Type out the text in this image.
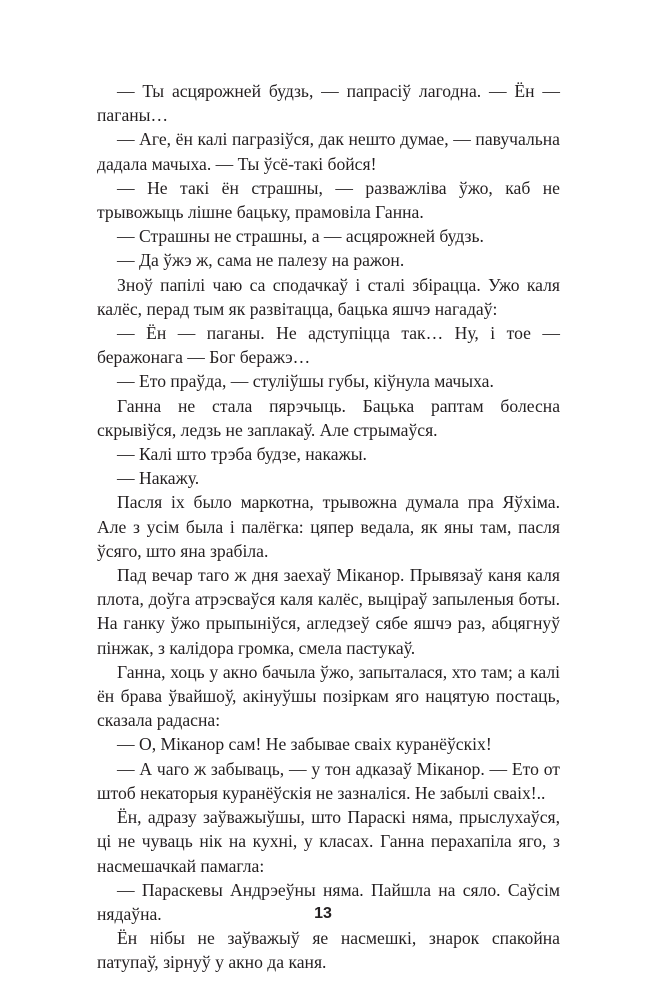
— Ты асцярожней будзь, — папрасіў лагодна. — Ён — паганы…

— Аге, ён калі пагразіўся, дак нешто думае, — павучальна дадала мачыха. — Ты ўсё-такі бойся!

— Не такі ён страшны, — разважліва ўжо, каб не трывожыць лішне бацьку, прамовіла Ганна.

— Страшны не страшны, а — асцярожней будзь.

— Да ўжэ ж, сама не палезу на ражон.

Зноў папілі чаю са сподачкаў і сталі збірацца. Ужо каля калёс, перад тым як развітацца, бацька яшчэ нагадаў:

— Ён — паганы. Не адступіцца так… Ну, і тое — беражонага — Бог беражэ…

— Ето праўда, — стуліўшы губы, кіўнула мачыха.

Ганна не стала пярэчыць. Бацька раптам болесна скрывіўся, ледзь не заплакаў. Але стрымаўся.

— Калі што трэба будзе, накажы.

— Накажу.

Пасля іх было маркотна, трывожна думала пра Яўхіма. Але з усім была і палёгка: цяпер ведала, як яны там, пасля ўсяго, што яна зрабіла.

Пад вечар таго ж дня заехаў Міканор. Прывязаў каня каля плота, доўга атрэсваўся каля калёс, выціраў запыленыя боты. На ганку ўжо прыпыніўся, агледзеў сябе яшчэ раз, абцягнуў пінжак, з калідора громка, смела пастукаў.

Ганна, хоць у акно бачыла ўжо, запыталася, хто там; а калі ён брава ўвайшоў, акінуўшы позіркам яго нацятую постаць, сказала радасна:

— О, Міканор сам! Не забывае сваіх куранёўскіх!

— А чаго ж забываць, — у тон адказаў Міканор. — Ето от штоб некаторыя куранёўскія не зазналіся. Не забылі сваіх!..

Ён, адразу заўважыўшы, што Параскі няма, прыслухаўся, ці не чуваць нік на кухні, у класах. Ганна перахапіла яго, з насмешачкай памагла:

— Параскевы Андрэеўны няма. Пайшла на сяло. Саўсім нядаўна.

Ён нібы не заўважыў яе насмешкі, знарок спакойна патупаў, зірнуў у акно да каня.

13
